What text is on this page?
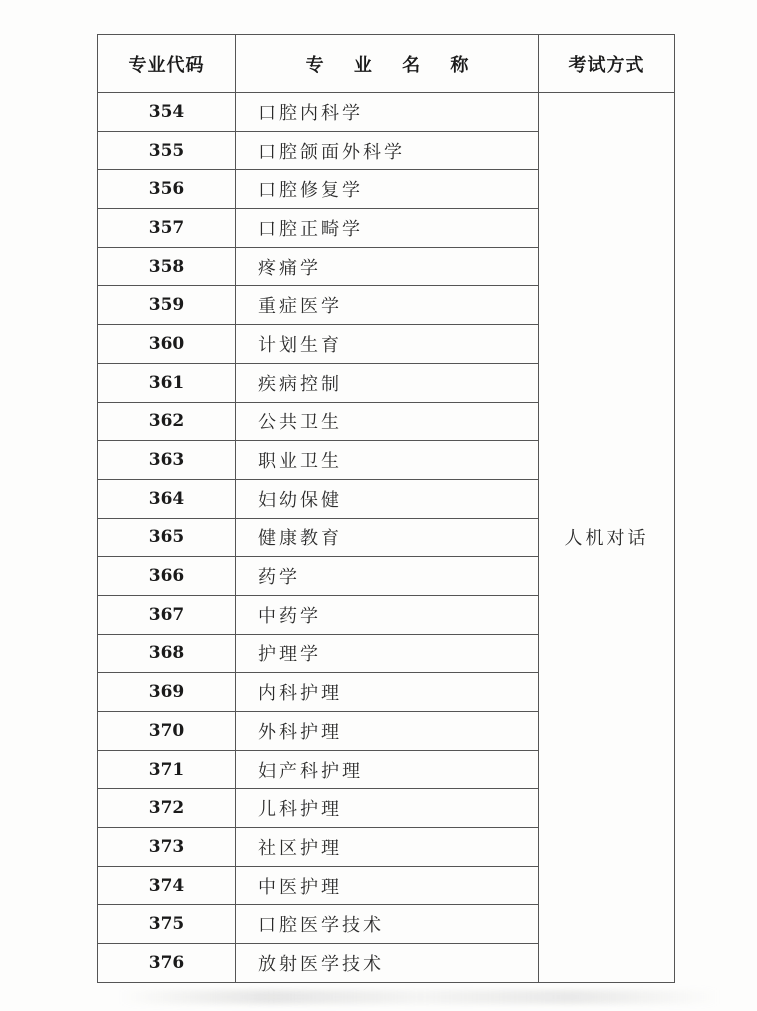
专业代码	专 业 名 称	考试方式
354	口腔内科学	人机对话
355	口腔颌面外科学	
356	口腔修复学	
357	口腔正畸学	
358	疼痛学	
359	重症医学	
360	计划生育	
361	疾病控制	
362	公共卫生	
363	职业卫生	
364	妇幼保健	
365	健康教育	
366	药学	
367	中药学	
368	护理学	
369	内科护理	
370	外科护理	
371	妇产科护理	
372	儿科护理	
373	社区护理	
374	中医护理	
375	口腔医学技术	
376	放射医学技术	
